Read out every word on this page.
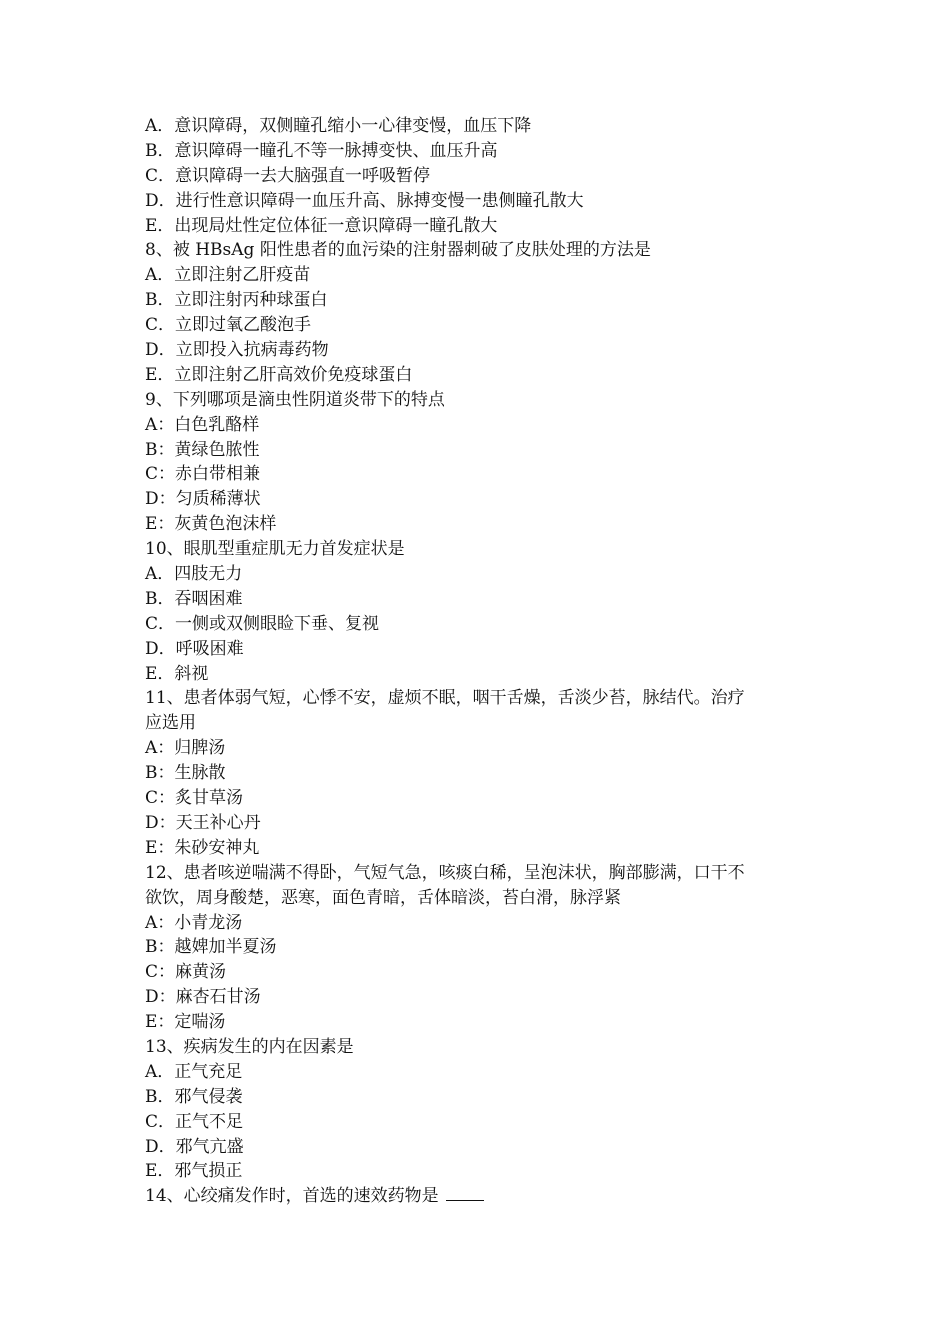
A．意识障碍，双侧瞳孔缩小一心律变慢，血压下降
B．意识障碍一瞳孔不等一脉搏变快、血压升高
C．意识障碍一去大脑强直一呼吸暂停
D．进行性意识障碍一血压升高、脉搏变慢一患侧瞳孔散大
E．出现局灶性定位体征一意识障碍一瞳孔散大
8、被 HBsAg 阳性患者的血污染的注射器刺破了皮肤处理的方法是
A．立即注射乙肝疫苗
B．立即注射丙种球蛋白
C．立即过氧乙酸泡手
D．立即投入抗病毒药物
E．立即注射乙肝高效价免疫球蛋白
9、下列哪项是滴虫性阴道炎带下的特点
A：白色乳酪样
B：黄绿色脓性
C：赤白带相兼
D：匀质稀薄状
E：灰黄色泡沫样
10、眼肌型重症肌无力首发症状是
A．四肢无力
B．吞咽困难
C．一侧或双侧眼睑下垂、复视
D．呼吸困难
E．斜视
11、患者体弱气短，心悸不安，虚烦不眠，咽干舌燥，舌淡少苔，脉结代。治疗
应选用
A：归脾汤
B：生脉散
C：炙甘草汤
D：天王补心丹
E：朱砂安神丸
12、患者咳逆喘满不得卧，气短气急，咳痰白稀，呈泡沫状，胸部膨满，口干不
欲饮，周身酸楚，恶寒，面色青暗，舌体暗淡，苔白滑，脉浮紧
A：小青龙汤
B：越婢加半夏汤
C：麻黄汤
D：麻杏石甘汤
E：定喘汤
13、疾病发生的内在因素是
A．正气充足
B．邪气侵袭
C．正气不足
D．邪气亢盛
E．邪气损正
14、心绞痛发作时，首选的速效药物是
